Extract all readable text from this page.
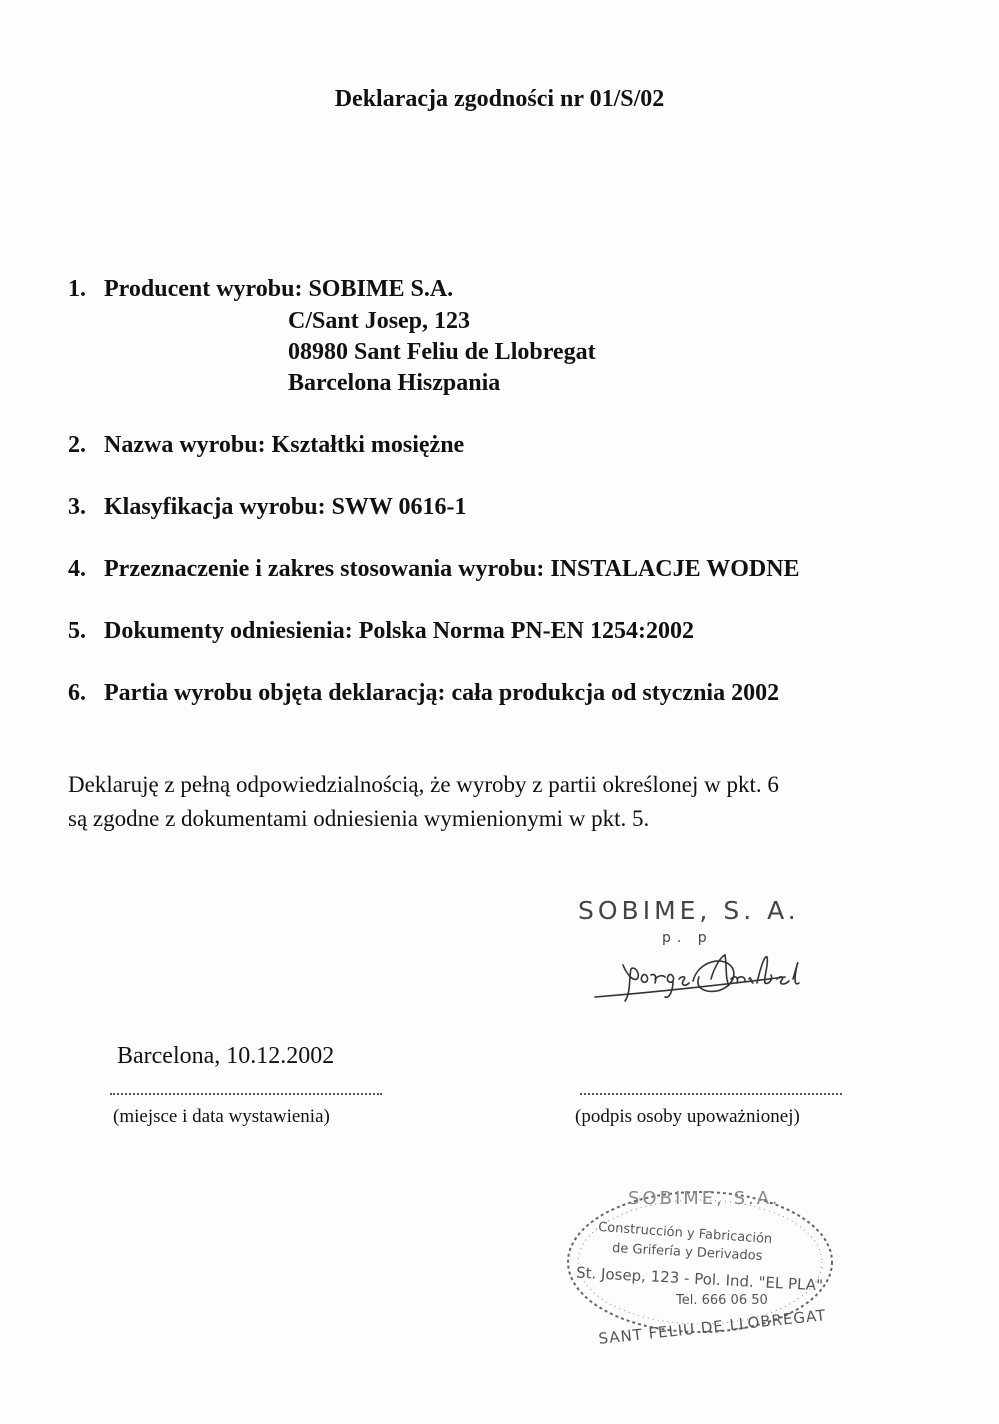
Deklaracja zgodności nr 01/S/02
1. Producent wyrobu: SOBIME S.A.
C/Sant Josep, 123
08980 Sant Feliu de Llobregat
Barcelona Hiszpania
2. Nazwa wyrobu: Kształtki mosiężne
3. Klasyfikacja wyrobu: SWW 0616-1
4. Przeznaczenie i zakres stosowania wyrobu: INSTALACJE WODNE
5. Dokumenty odniesienia: Polska Norma PN-EN 1254:2002
6. Partia wyrobu objęta deklaracją: cała produkcja od stycznia 2002
Deklaruję z pełną odpowiedzialnością, że wyroby z partii określonej w pkt. 6
są zgodne z dokumentami odniesienia wymienionymi w pkt. 5.
SOBIME, S. A.
p. p
Barcelona, 10.12.2002
(miejsce i data wystawienia)	(podpis osoby upoważnionej)
SOBIME, S.A.
Construcción y Fabricación
de Grifería y Derivados
St. Josep, 123 - Pol. Ind. "EL PLA"
Tel. 666 06 50
SANT FELIU DE LLOBREGAT
